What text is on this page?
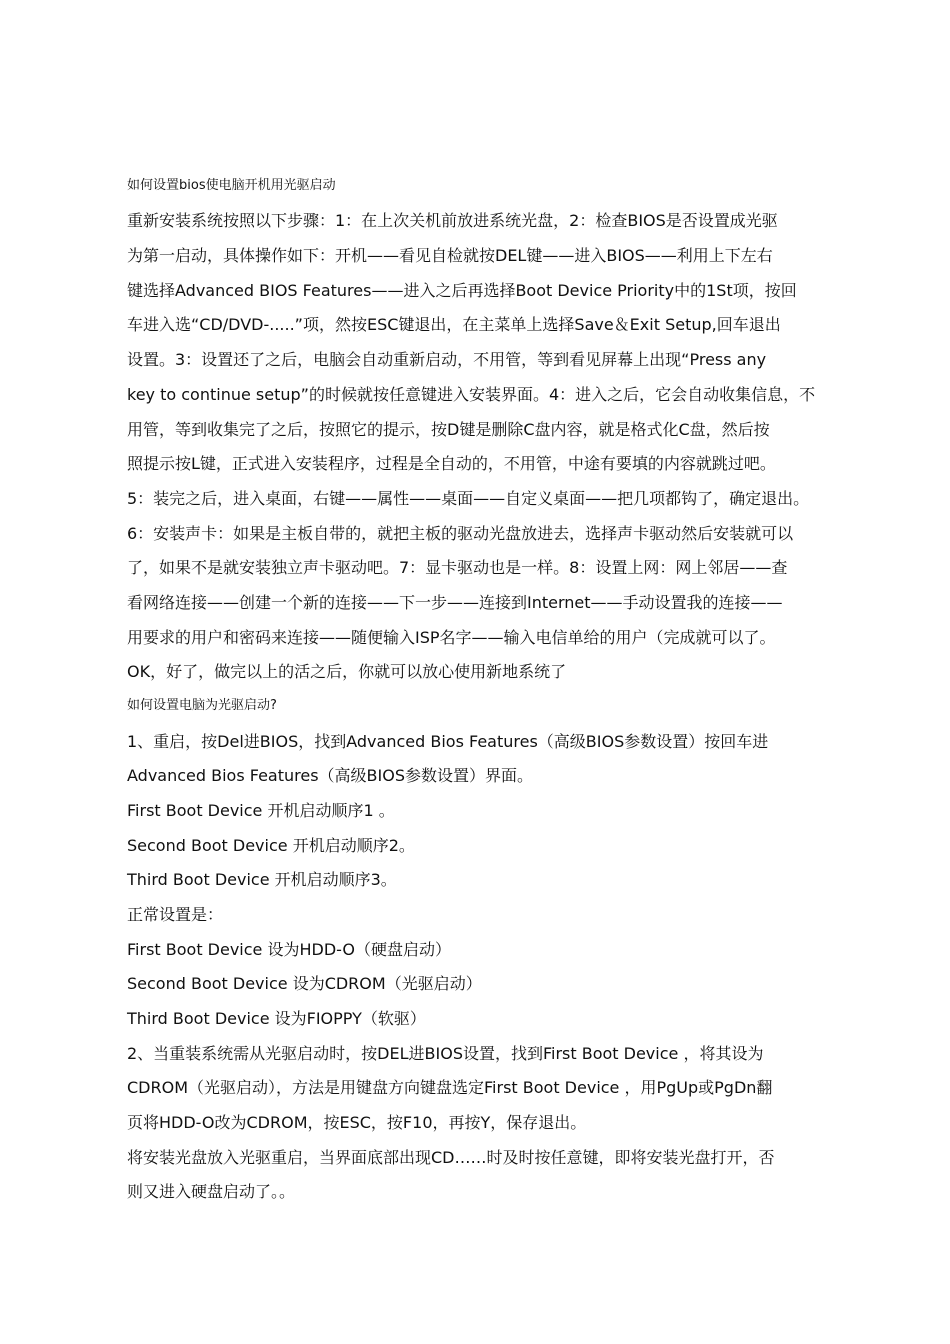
如何设置bios使电脑开机用光驱启动
重新安装系统按照以下步骤：1：在上次关机前放进系统光盘，2：检查BIOS是否设置成光驱
为第一启动，具体操作如下：开机——看见自检就按DEL键——进入BIOS——利用上下左右
键选择Advanced BIOS Features——进入之后再选择Boot Device Priority中的1St项，按回
车进入选“CD/DVD-.....”项，然按ESC键退出，在主菜单上选择Save＆Exit Setup,回车退出
设置。3：设置还了之后，电脑会自动重新启动，不用管，等到看见屏幕上出现“Press any
key to continue setup”的时候就按任意键进入安装界面。4：进入之后，它会自动收集信息，不
用管，等到收集完了之后，按照它的提示，按D键是删除C盘内容，就是格式化C盘，然后按
照提示按L键，正式进入安装程序，过程是全自动的，不用管，中途有要填的内容就跳过吧。
5：装完之后，进入桌面，右键——属性——桌面——自定义桌面——把几项都钩了，确定退出。
6：安装声卡：如果是主板自带的，就把主板的驱动光盘放进去，选择声卡驱动然后安装就可以
了，如果不是就安装独立声卡驱动吧。7：显卡驱动也是一样。8：设置上网：网上邻居——查
看网络连接——创建一个新的连接——下一步——连接到Internet——手动设置我的连接——
用要求的用户和密码来连接——随便输入ISP名字——输入电信单给的用户（完成就可以了。
OK，好了，做完以上的活之后，你就可以放心使用新地系统了
如何设置电脑为光驱启动?
1、重启，按Del进BIOS，找到Advanced Bios Features（高级BIOS参数设置）按回车进
Advanced Bios Features（高级BIOS参数设置）界面。
First Boot Device 开机启动顺序1 。
Second Boot Device 开机启动顺序2。
Third Boot Device 开机启动顺序3。
正常设置是：
First Boot Device 设为HDD-O（硬盘启动）
Second Boot Device 设为CDROM（光驱启动）
Third Boot Device 设为FIOPPY（软驱）
2、当重装系统需从光驱启动时，按DEL进BIOS设置，找到First Boot Device ，将其设为
CDROM（光驱启动），方法是用键盘方向键盘选定First Boot Device ，用PgUp或PgDn翻
页将HDD-O改为CDROM，按ESC，按F10，再按Y，保存退出。
将安装光盘放入光驱重启，当界面底部出现CD……时及时按任意键，即将安装光盘打开，否
则又进入硬盘启动了。。
